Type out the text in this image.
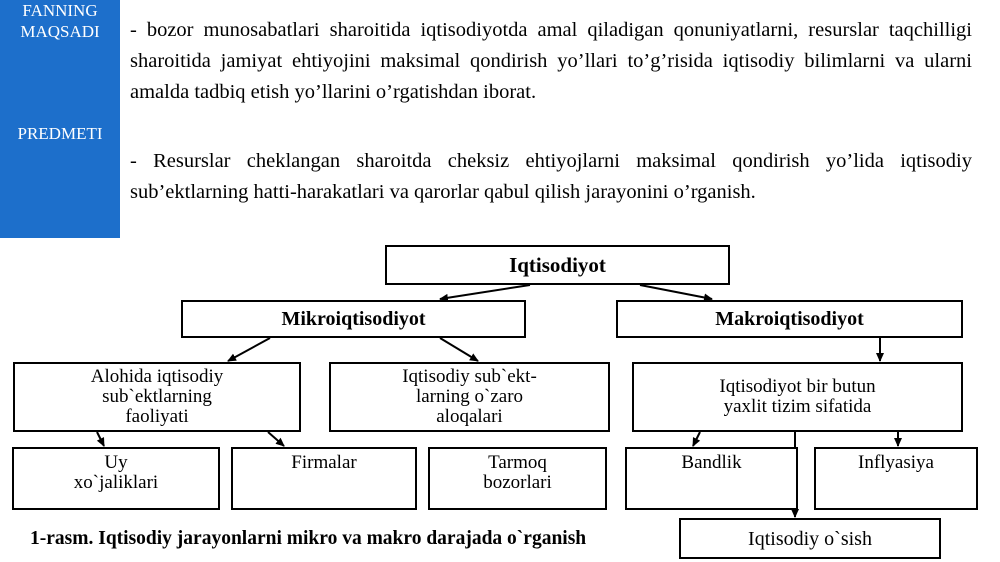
FANNING
MAQSADI
PREDMETI
- bozor munosabatlari sharoitida iqtisodiyotda amal qiladigan qonuniyatlarni, resurslar taqchilligi sharoitida jamiyat ehtiyojini maksimal qondirish yo’llari to’g’risida iqtisodiy bilimlarni va ularni amalda tadbiq etish yo’llarini o’rgatishdan iborat.
- Resurslar cheklangan sharoitda cheksiz ehtiyojlarni maksimal qondirish yo’lida iqtisodiy sub’ektlarning hatti-harakatlari va qarorlar qabul qilish jarayonini o’rganish.
Iqtisodiyot
Mikroiqtisodiyot	Makroiqtisodiyot
Alohida iqtisodiy
sub`ektlarning
faoliyati
Iqtisodiy sub`ekt-
larning o`zaro
aloqalari
Iqtisodiyot bir butun
yaxlit tizim sifatida
Uy
xo`jaliklari
Firmalar	Tarmoq
bozorlari
Bandlik	Inflyasiya
Iqtisodiy o`sish
1-rasm. Iqtisodiy jarayonlarni mikro va makro darajada o`rganish
